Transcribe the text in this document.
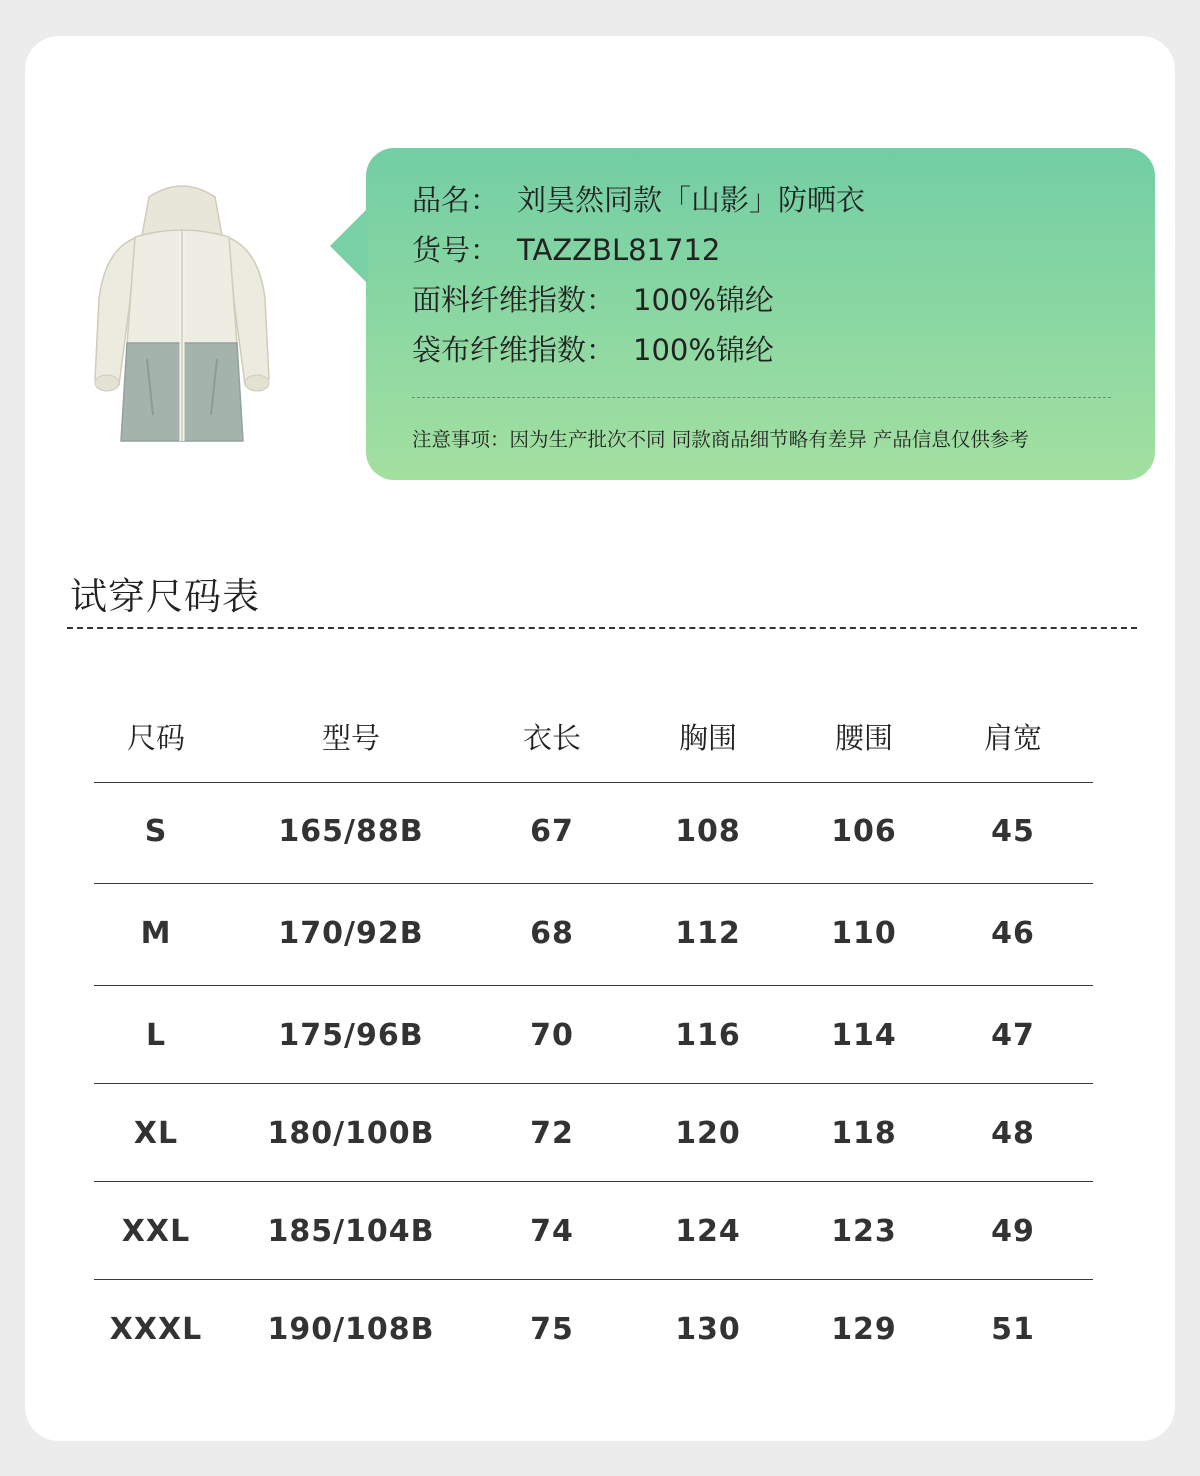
品名： 刘昊然同款「山影」防晒衣
货号： TAZZBL81712
面料纤维指数： 100%锦纶
袋布纤维指数： 100%锦纶
注意事项：因为生产批次不同 同款商品细节略有差异 产品信息仅供参考
试穿尺码表
尺码	型号	衣长	胸围	腰围	肩宽
S	165/88B	67	108	106	45
M	170/92B	68	112	110	46
L	175/96B	70	116	114	47
XL	180/100B	72	120	118	48
XXL	185/104B	74	124	123	49
XXXL 190/108B	75	130	129	51
